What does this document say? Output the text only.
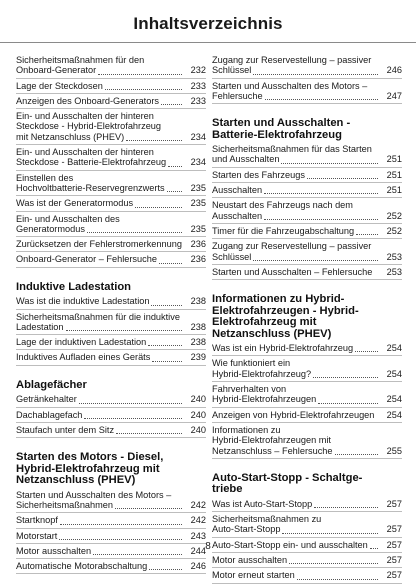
Inhaltsverzeichnis
Sicherheitsmaßnahmen für den
Onboard-Generator	232
Lage der Steckdosen	233
Anzeigen des Onboard-Generators	233
Ein- und Ausschalten der hinteren
Steckdose - Hybrid-Elektrofahrzeug
mit Netzanschluss (PHEV)	234
Ein- und Ausschalten der hinteren
Steckdose - Batterie-Elektrofahrzeug	234
Einstellen des
Hochvoltbatterie-Reservegrenzwerts	235
Was ist der Generatormodus	235
Ein- und Ausschalten des
Generatormodus	235
Zurücksetzen der Fehlerstromerkennung 236
Onboard-Generator – Fehlersuche	236
Induktive Ladestation
Was ist die induktive Ladestation	238
Sicherheitsmaßnahmen für die induktive
Ladestation	238
Lage der induktiven Ladestation	238
Induktives Aufladen eines Geräts	239
Ablagefächer
Getränkehalter	240
Dachablagefach	240
Staufach unter dem Sitz	240
Starten des Motors - Diesel,
Hybrid-Elektrofahrzeug mit
Netzanschluss (PHEV)
Starten und Ausschalten des Motors –
Sicherheitsmaßnahmen	242
Startknopf	242
Motorstart	243
Motor ausschalten	244
Automatische Motorabschaltung	246
Zugang zur Reservestellung – passiver
Schlüssel	246
Starten und Ausschalten des Motors –
Fehlersuche	247
Starten und Ausschalten -
Batterie-Elektrofahrzeug
Sicherheitsmaßnahmen für das Starten
und Ausschalten	251
Starten des Fahrzeugs	251
Ausschalten	251
Neustart des Fahrzeugs nach dem
Ausschalten	252
Timer für die Fahrzeugabschaltung	252
Zugang zur Reservestellung – passiver
Schlüssel	253
Starten und Ausschalten – Fehlersuche	253
Informationen zu Hybrid-
Elektrofahrzeugen - Hybrid-
Elektrofahrzeug mit
Netzanschluss (PHEV)
Was ist ein Hybrid-Elektrofahrzeug	254
Wie funktioniert ein
Hybrid-Elektrofahrzeug?	254
Fahrverhalten von
Hybrid-Elektrofahrzeugen	254
Anzeigen von Hybrid-Elektrofahrzeugen	254
Informationen zu
Hybrid-Elektrofahrzeugen mit
Netzanschluss – Fehlersuche	255
Auto-Start-Stopp - Schaltge-
triebe
Was ist Auto-Start-Stopp	257
Sicherheitsmaßnahmen zu
Auto-Start-Stopp	257
Auto-Start-Stopp ein- und ausschalten	257
Motor ausschalten	257
Motor erneut starten	257
8
